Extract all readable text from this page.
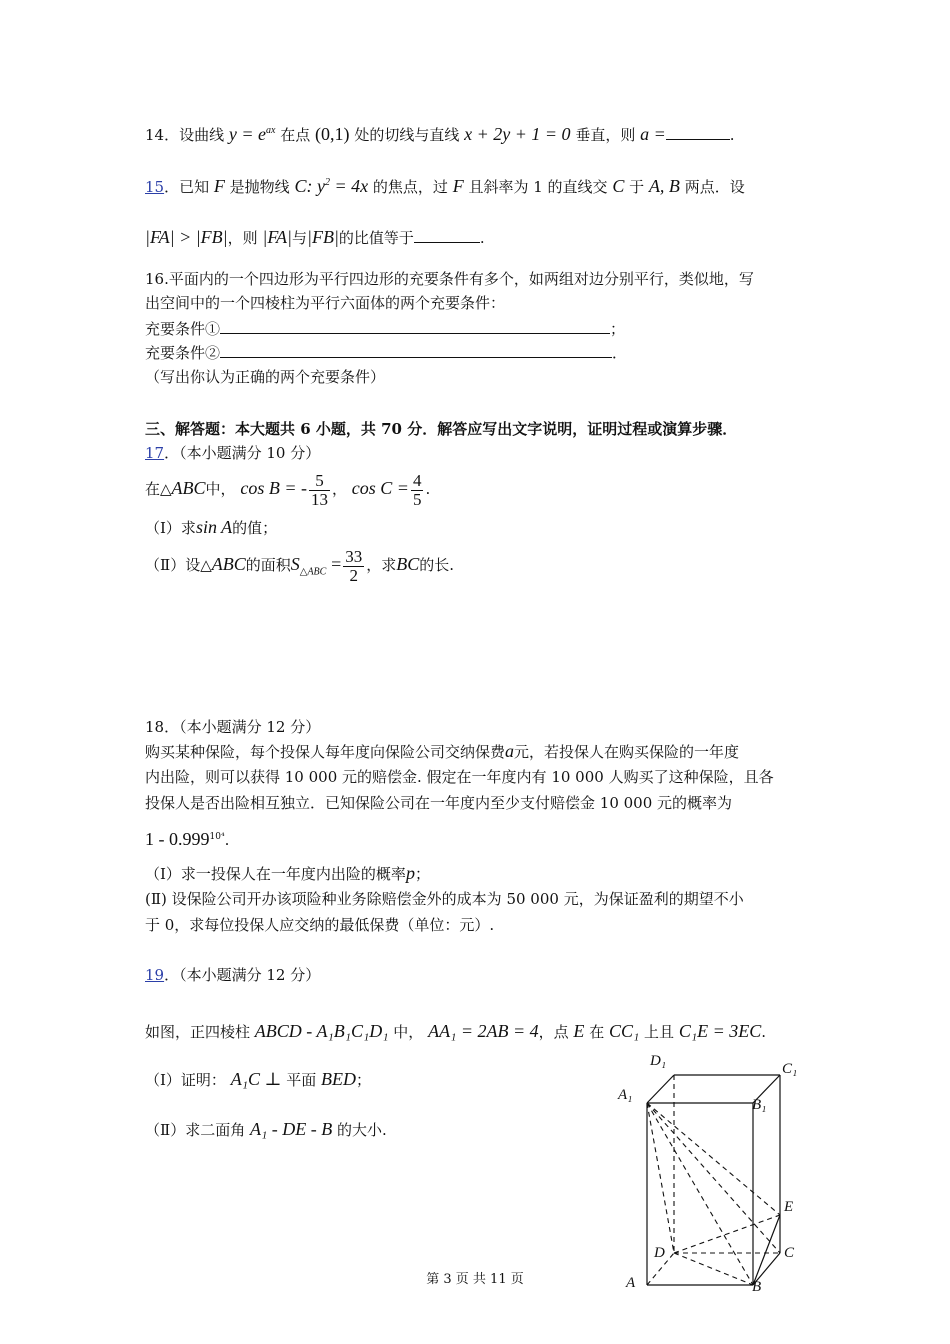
14．设曲线 $y = e^{ax}$ 在点 (0,1) 处的切线与直线 x + 2y + 1 = 0 垂直，则 a =	.
15．已知 F 是抛物线 C: $y^2 = 4x$ 的焦点，过 F 且斜率为 1 的直线交 C 于 A, B 两点．设
|FA| > |FB|，则 |FA|与|FB|的比值等于	.
16.平面内的一个四边形为平行四边形的充要条件有多个，如两组对边分别平行，类似地，写
出空间中的一个四棱柱为平行六面体的两个充要条件：
充要条件①	；
充要条件②	．
（写出你认为正确的两个充要条件）
三、解答题：本大题共 6 小题，共 70 分．解答应写出文字说明，证明过程或演算步骤．
17．（本小题满分 10 分）
在△ABC中， cos B = - $\frac{5}{13}$ ， $\cos C = \frac{4}{5}$ .
（Ⅰ）求sin A的值；
（Ⅱ）设△ABC的面积$S_{\triangle ABC} = \frac{33}{2}$ ，求BC的长.
18．（本小题满分 12 分）
购买某种保险，每个投保人每年度向保险公司交纳保费a元，若投保人在购买保险的一年度
内出险，则可以获得 10 000 元的赔偿金. 假定在一年度内有 10 000 人购买了这种保险，且各
投保人是否出险相互独立．已知保险公司在一年度内至少支付赔偿金 10 000 元的概率为
$1 - 0.999^{10^4}$.
（Ⅰ）求一投保人在一年度内出险的概率p；
(Ⅱ) 设保险公司开办该项险种业务除赔偿金外的成本为 50 000 元，为保证盈利的期望不小
于 0，求每位投保人应交纳的最低保费（单位：元）.
19．（本小题满分 12 分）
如图，正四棱柱 ABCD - A₁B₁C₁D₁ 中， AA₁ = 2AB = 4，点 E 在 CC₁ 上且 C₁E = 3EC.
（Ⅰ）证明： A₁C ⊥ 平面 BED；
（Ⅱ）求二面角 A₁ - DE - B 的大小.
D₁	C₁
A₁
B₁
E
D	C
A	B
第 3 页 共 11 页
